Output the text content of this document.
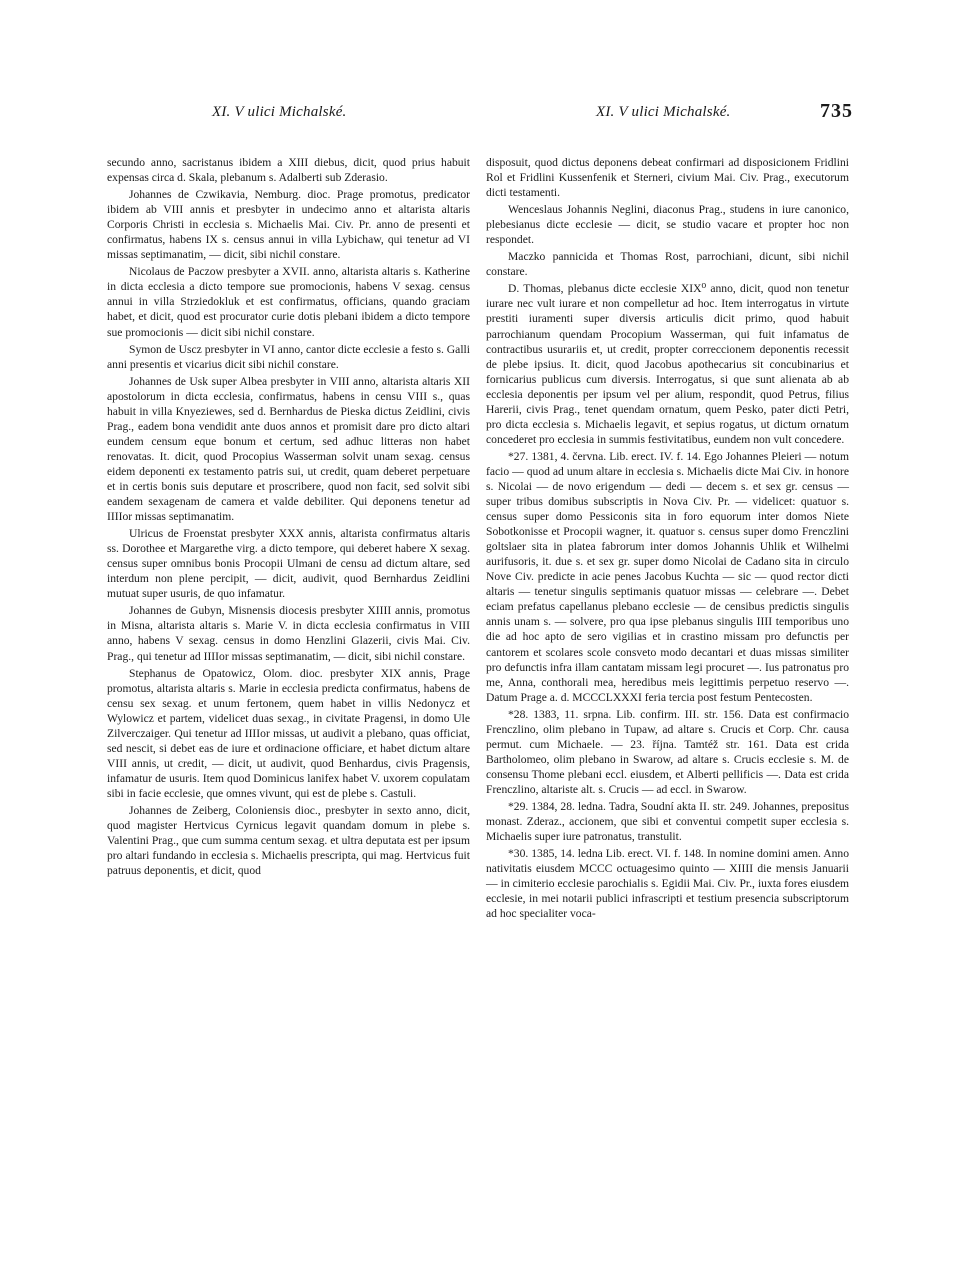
XI. V ulici Michalské.	XI. V ulici Michalské.	735

secundo anno, sacristanus ibidem a XIII diebus, dicit, quod prius habuit expensas circa d. Skala, plebanum s. Adalberti sub Zderasio.

Johannes de Czwikavia, Nemburg. dioc. Prage promotus, predicator ibidem ab VIII annis et presbyter in undecimo anno et altarista altaris Corporis Christi in ecclesia s. Michaelis Mai. Civ. Pr. anno de presenti et confirmatus, habens IX s. census annui in villa Lybichaw, qui tenetur ad VI missas septimanatim, — dicit, sibi nichil constare.

Nicolaus de Paczow presbyter a XVII. anno, altarista altaris s. Katherine in dicta ecclesia a dicto tempore sue promocionis, habens V sexag. census annui in villa Strziedokluk et est confirmatus, officians, quando graciam habet, et dicit, quod est procurator curie dotis plebani ibidem a dicto tempore sue promocionis — dicit sibi nichil constare.

Symon de Uscz presbyter in VI anno, cantor dicte ecclesie a festo s. Galli anni presentis et vicarius dicit sibi nichil constare.

Johannes de Usk super Albea presbyter in VIII anno, altarista altaris XII apostolorum in dicta ecclesia, confirmatus, habens in censu VIII s., quas habuit in villa Knyeziewes, sed d. Bernhardus de Pieska dictus Zeidlini, civis Prag., eadem bona vendidit ante duos annos et promisit dare pro dicto altari eundem censum eque bonum et certum, sed adhuc litteras non habet renovatas. It. dicit, quod Procopius Wasserman solvit unam sexag. census eidem deponenti ex testamento patris sui, ut credit, quam deberet perpetuare et in certis bonis suis deputare et proscribere, quod non facit, sed solvit sibi eandem sexagenam de camera et valde debiliter. Qui deponens tenetur ad IIIIor missas septimanatim.

Ulricus de Froenstat presbyter XXX annis, altarista confirmatus altaris ss. Dorothee et Margarethe virg. a dicto tempore, qui deberet habere X sexag. census super omnibus bonis Procopii Ulmani de censu ad dictum altare, sed interdum non plene percipit, — dicit, audivit, quod Bernhardus Zeidlini mutuat super usuris, de quo infamatur.

Johannes de Gubyn, Misnensis diocesis presbyter XIIII annis, promotus in Misna, altarista altaris s. Marie V. in dicta ecclesia confirmatus in VIII anno, habens V sexag. census in domo Henzlini Glazerii, civis Mai. Civ. Prag., qui tenetur ad IIIIor missas septimanatim, — dicit, sibi nichil constare.

Stephanus de Opatowicz, Olom. dioc. presbyter XIX annis, Prage promotus, altarista altaris s. Marie in ecclesia predicta confirmatus, habens de censu sex sexag. et unum fertonem, quem habet in villis Nedonycz et Wylowicz et partem, videlicet duas sexag., in civitate Pragensi, in domo Ule Zilverczaiger. Qui tenetur ad IIIIor missas, ut audivit a plebano, quas officiat, sed nescit, si debet eas de iure et ordinacione officiare, et habet dictum altare VIII annis, ut credit, — dicit, ut audivit, quod Benhardus, civis Pragensis, infamatur de usuris. Item quod Dominicus lanifex habet V. uxorem copulatam sibi in facie ecclesie, que omnes vivunt, qui est de plebe s. Castuli.

Johannes de Zeiberg, Coloniensis dioc., presbyter in sexto anno, dicit, quod magister Hertvicus Cyrnicus legavit quandam domum in plebe s. Valentini Prag., que cum summa centum sexag. et ultra deputata est per ipsum pro altari fundando in ecclesia s. Michaelis prescripta, qui mag. Hertvicus fuit patruus deponentis, et dicit, quod

disposuit, quod dictus deponens debeat confirmari ad disposicionem Fridlini Rol et Fridlini Kussenfenik et Sterneri, civium Mai. Civ. Prag., executorum dicti testamenti.

Wenceslaus Johannis Neglini, diaconus Prag., studens in iure canonico, plebesianus dicte ecclesie — dicit, se studio vacare et propter hoc non respondet.

Maczko pannicida et Thomas Rost, parrochiani, dicunt, sibi nichil constare.

D. Thomas, plebanus dicte ecclesie XIX⁰ anno, dicit, quod non tenetur iurare nec vult iurare et non compelletur ad hoc. Item interrogatus in virtute prestiti iuramenti super diversis articulis dicit primo, quod habuit parrochianum quendam Procopium Wasserman, qui fuit infamatus de contractibus usurariis et, ut credit, propter correccionem deponentis recessit de plebe ipsius. It. dicit, quod Jacobus apothecarius sit concubinarius et fornicarius publicus cum diversis. Interrogatus, si que sunt alienata ab ab ecclesia deponentis per ipsum vel per alium, respondit, quod Petrus, filius Harerii, civis Prag., tenet quendam ornatum, quem Pesko, pater dicti Petri, pro dicta ecclesia s. Michaelis legavit, et sepius rogatus, ut dictum ornatum concederet pro ecclesia in summis festivitatibus, eundem non vult concedere.

*27. 1381, 4. června. Lib. erect. IV. f. 14. Ego Johannes Pleieri — notum facio — quod ad unum altare in ecclesia s. Michaelis dicte Mai Civ. in honore s. Nicolai — de novo erigendum — dedi — decem s. et sex gr. census — super tribus domibus subscriptis in Nova Civ. Pr. — videlicet: quatuor s. census super domo Pessiconis sita in foro equorum inter domos Niete Sobotkonisse et Procopii wagner, it. quatuor s. census super domo Frenczlini goltslaer sita in platea fabrorum inter domos Johannis Uhlik et Wilhelmi aurifusoris, it. due s. et sex gr. super domo Nicolai de Cadano sita in circulo Nove Civ. predicte in acie penes Jacobus Kuchta — sic — quod rector dicti altaris — tenetur singulis septimanis quatuor missas — celebrare —. Debet eciam prefatus capellanus plebano ecclesie — de censibus predictis singulis annis unam s. — solvere, pro qua ipse plebanus singulis IIII temporibus uno die ad hoc apto de sero vigilias et in crastino missam pro defunctis per cantorem et scolares scole consveto modo decantari et duas missas similiter pro defunctis infra illam cantatam missam legi procuret —. Ius patronatus pro me, Anna, conthorali mea, heredibus meis legittimis perpetuo reservo —. Datum Prage a. d. MCCCLXXXI feria tercia post festum Pentecosten.

*28. 1383, 11. srpna. Lib. confirm. III. str. 156. Data est confirmacio Frenczlino, olim plebano in Tupaw, ad altare s. Crucis et Corp. Chr. causa permut. cum Michaele. — 23. října. Tamtéž str. 161. Data est crida Bartholomeo, olim plebano in Swarow, ad altare s. Crucis ecclesie s. M. de consensu Thome plebani eccl. eiusdem, et Alberti pellificis —. Data est crida Frenczlino, altariste alt. s. Crucis — ad eccl. in Swarow.

*29. 1384, 28. ledna. Tadra, Soudní akta II. str. 249. Johannes, prepositus monast. Zderaz., accionem, que sibi et conventui competit super ecclesia s. Michaelis super iure patronatus, transtulit.

*30. 1385, 14. ledna Lib. erect. VI. f. 148. In nomine domini amen. Anno nativitatis eiusdem MCCC octuagesimo quinto — XIIII die mensis Januarii — in cimiterio ecclesie parochialis s. Egidii Mai. Civ. Pr., iuxta fores eiusdem ecclesie, in mei notarii publici infrascripti et testium presencia subscriptorum ad hoc specialiter voca-
